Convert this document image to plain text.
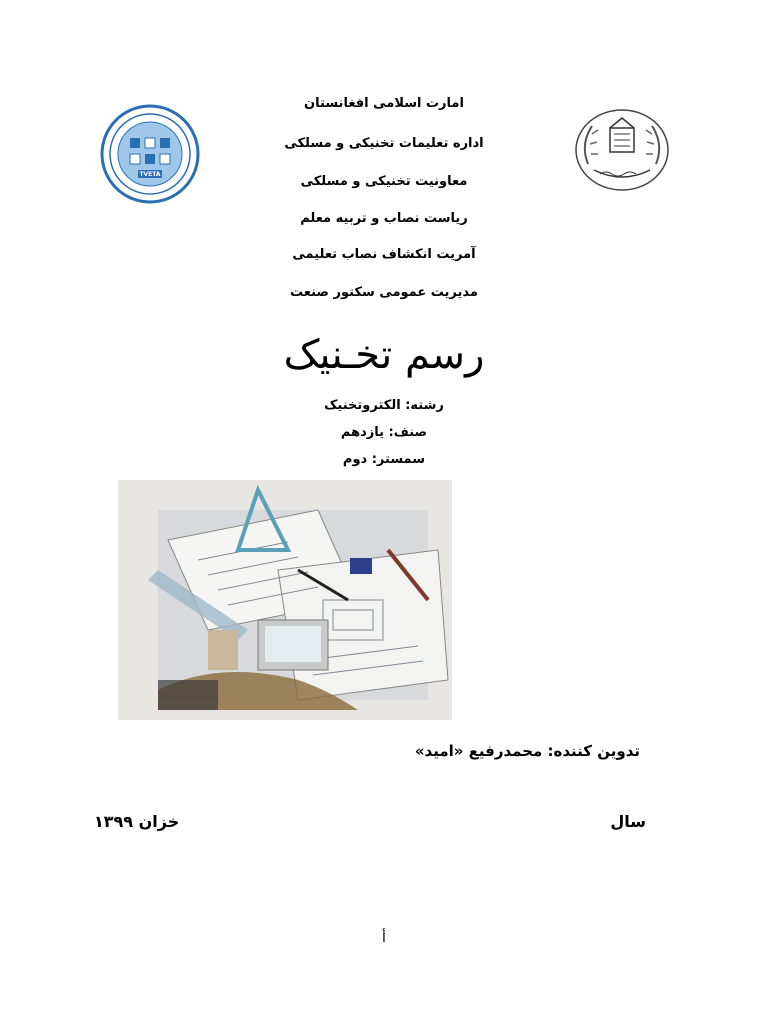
TVETA
امارت اسلامی افغانستان
اداره تعلیمات تخنیکی و مسلکی
معاونیت تخنیکی و مسلکی
ریاست نصاب و تربیه معلم
آمریت انکشاف نصاب تعلیمی
مدیریت عمومی سکتور صنعت
رسم تخـنیک
رشته: الکتروتخنیک
صنف: یازدهم
سمستر: دوم
تدوین کننده: محمدرفیع «امید»
سال
خزان ۱۳۹۹
أ
